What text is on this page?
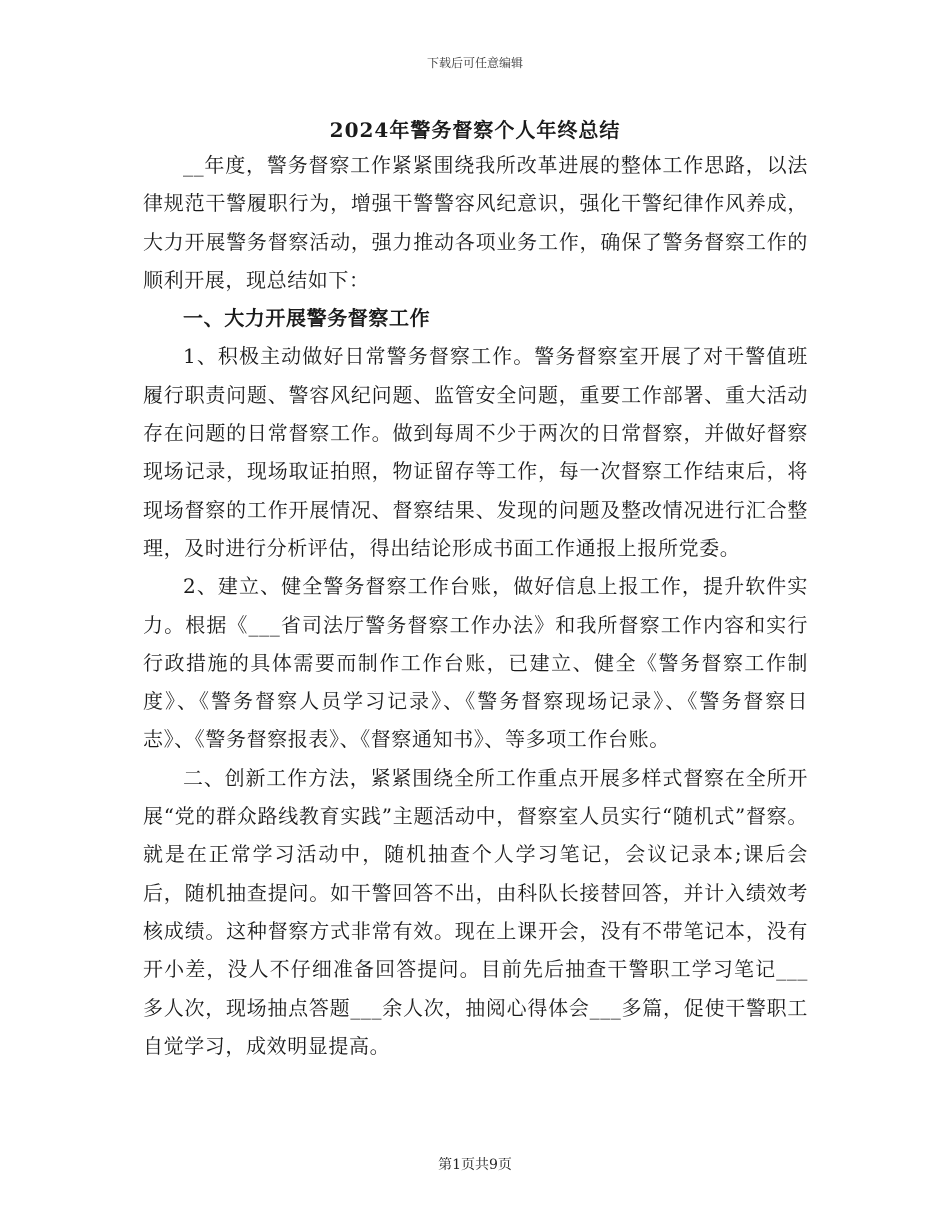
下载后可任意编辑
2024年警务督察个人年终总结

__年度，警务督察工作紧紧围绕我所改革进展的整体工作思路，以法律规范干警履职行为，增强干警警容风纪意识，强化干警纪律作风养成，大力开展警务督察活动，强力推动各项业务工作，确保了警务督察工作的顺利开展，现总结如下：

一、大力开展警务督察工作

1、积极主动做好日常警务督察工作。警务督察室开展了对干警值班履行职责问题、警容风纪问题、监管安全问题，重要工作部署、重大活动存在问题的日常督察工作。做到每周不少于两次的日常督察，并做好督察现场记录，现场取证拍照，物证留存等工作，每一次督察工作结束后，将现场督察的工作开展情况、督察结果、发现的问题及整改情况进行汇合整理，及时进行分析评估，得出结论形成书面工作通报上报所党委。

2、建立、健全警务督察工作台账，做好信息上报工作，提升软件实力。根据《___省司法厅警务督察工作办法》和我所督察工作内容和实行行政措施的具体需要而制作工作台账，已建立、健全《警务督察工作制度》、《警务督察人员学习记录》、《警务督察现场记录》、《警务督察日志》、《警务督察报表》、《督察通知书》、等多项工作台账。

二、创新工作方法，紧紧围绕全所工作重点开展多样式督察在全所开展“党的群众路线教育实践”主题活动中，督察室人员实行“随机式”督察。就是在正常学习活动中，随机抽查个人学习笔记，会议记录本;课后会后，随机抽查提问。如干警回答不出，由科队长接替回答，并计入绩效考核成绩。这种督察方式非常有效。现在上课开会，没有不带笔记本，没有开小差，没人不仔细准备回答提问。目前先后抽查干警职工学习笔记___多人次，现场抽点答题___余人次，抽阅心得体会___多篇，促使干警职工自觉学习，成效明显提高。

第1页共9页
